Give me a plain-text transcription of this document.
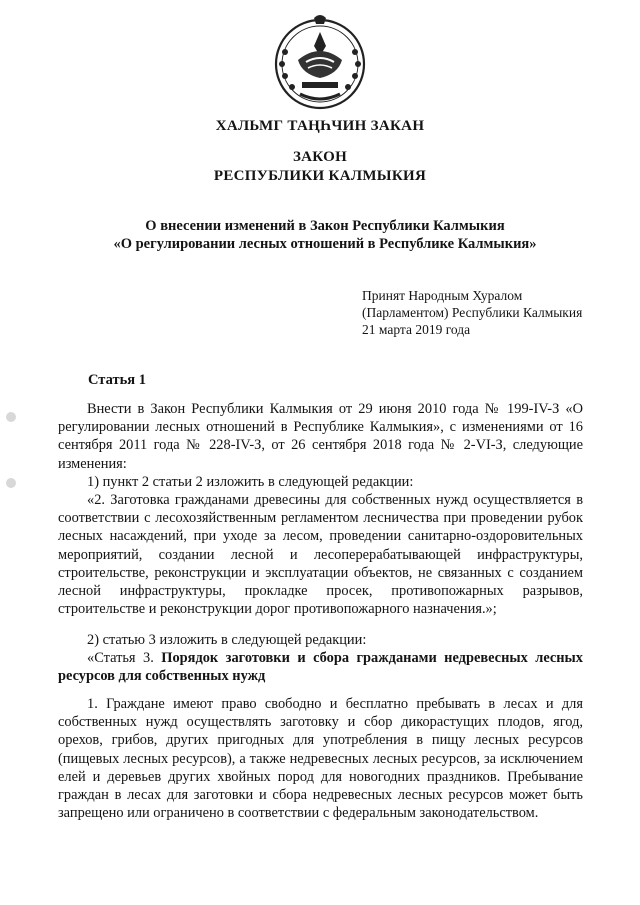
ХАЛЬМГ ТАҢҺЧИН ЗАКАН
ЗАКОН
РЕСПУБЛИКИ КАЛМЫКИЯ
О внесении изменений в Закон Республики Калмыкия
«О регулировании лесных отношений в Республике Калмыкия»
Принят Народным Хуралом
(Парламентом) Республики Калмыкия
21 марта 2019 года
Статья 1
Внести в Закон Республики Калмыкия от 29 июня 2010 года № 199-IV-З «О регулировании лесных отношений в Республике Калмыкия», с изменениями от 16 сентября 2011 года № 228-IV-З, от 26 сентября 2018 года № 2-VI-З, следующие изменения:
1) пункт 2 статьи 2 изложить в следующей редакции:
«2. Заготовка гражданами древесины для собственных нужд осуществляется в соответствии с лесохозяйственным регламентом лесничества при проведении рубок лесных насаждений, при уходе за лесом, проведении санитарно-оздоровительных мероприятий, создании лесной и лесоперерабатывающей инфраструктуры, строительстве, реконструкции и эксплуатации объектов, не связанных с созданием лесной инфраструктуры, прокладке просек, противопожарных разрывов, строительстве и реконструкции дорог противопожарного назначения.»;
2) статью 3 изложить в следующей редакции:
«Статья 3. Порядок заготовки и сбора гражданами недревесных лесных ресурсов для собственных нужд
1. Граждане имеют право свободно и бесплатно пребывать в лесах и для собственных нужд осуществлять заготовку и сбор дикорастущих плодов, ягод, орехов, грибов, других пригодных для употребления в пищу лесных ресурсов (пищевых лесных ресурсов), а также недревесных лесных ресурсов, за исключением елей и деревьев других хвойных пород для новогодних праздников. Пребывание граждан в лесах для заготовки и сбора недревесных лесных ресурсов может быть запрещено или ограничено в соответствии с федеральным законодательством.
